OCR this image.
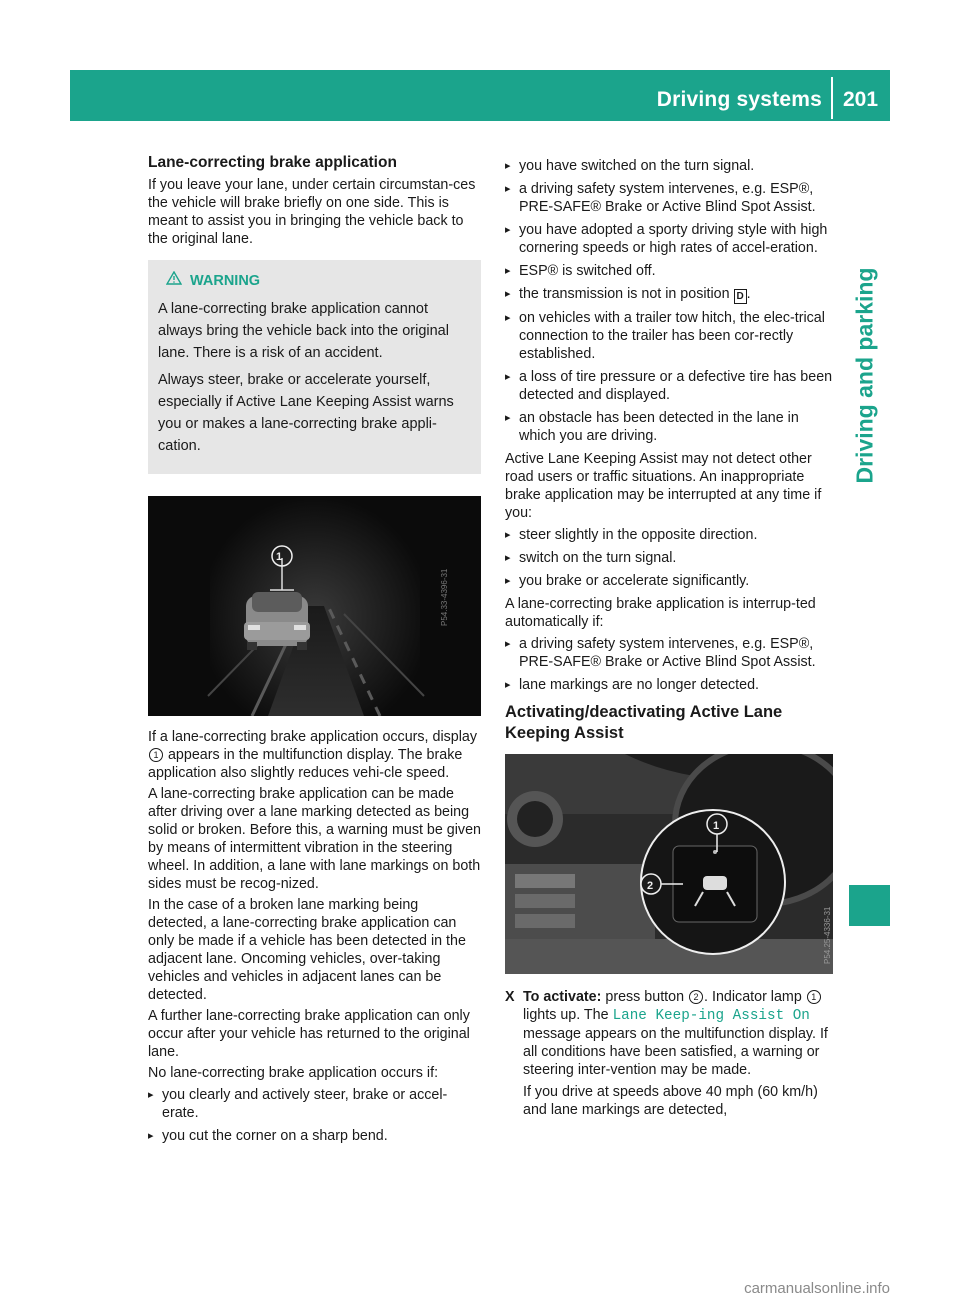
Driving systems 201
Driving and parking
Lane-correcting brake application

If you leave your lane, under certain circumstan-ces the vehicle will brake briefly on one side. This is meant to assist you in bringing the vehicle back to the original lane.

WARNING

A lane-correcting brake application cannot always bring the vehicle back into the original lane. There is a risk of an accident.

Always steer, brake or accelerate yourself, especially if Active Lane Keeping Assist warns you or makes a lane-correcting brake appli-cation.

1
P54.33-4396-31

If a lane-correcting brake application occurs, display 1 appears in the multifunction display. The brake application also slightly reduces vehi-cle speed.

A lane-correcting brake application can be made after driving over a lane marking detected as being solid or broken. Before this, a warning must be given by means of intermittent vibration in the steering wheel. In addition, a lane with lane markings on both sides must be recog-nized.

In the case of a broken lane marking being detected, a lane-correcting brake application can only be made if a vehicle has been detected in the adjacent lane. Oncoming vehicles, over-taking vehicles and vehicles in adjacent lanes can be detected.

A further lane-correcting brake application can only occur after your vehicle has returned to the original lane.

No lane-correcting brake application occurs if:

▸ you clearly and actively steer, brake or accel-erate.
▸ you cut the corner on a sharp bend.
▸ you have switched on the turn signal.
▸ a driving safety system intervenes, e.g. ESP®, PRE-SAFE® Brake or Active Blind Spot Assist.
▸ you have adopted a sporty driving style with high cornering speeds or high rates of accel-eration.
▸ ESP® is switched off.
▸ the transmission is not in position D .
▸ on vehicles with a trailer tow hitch, the elec-trical connection to the trailer has been cor-rectly established.
▸ a loss of tire pressure or a defective tire has been detected and displayed.
▸ an obstacle has been detected in the lane in which you are driving.

Active Lane Keeping Assist may not detect other road users or traffic situations. An inappropriate brake application may be interrupted at any time if you:

▸ steer slightly in the opposite direction.
▸ switch on the turn signal.
▸ you brake or accelerate significantly.

A lane-correcting brake application is interrup-ted automatically if:

▸ a driving safety system intervenes, e.g. ESP®, PRE-SAFE® Brake or Active Blind Spot Assist.
▸ lane markings are no longer detected.
Activating/deactivating Active Lane Keeping Assist
1
2
P54.25-4336-31
X To activate: press button 2 . Indicator lamp 1 lights up. The Lane Keep‐ing Assist On message appears on the multifunction display. If all conditions have been satisfied, a warning or steering inter-vention may be made.

If you drive at speeds above 40 mph (60 km/h) and lane markings are detected,

carmanualsonline.info
